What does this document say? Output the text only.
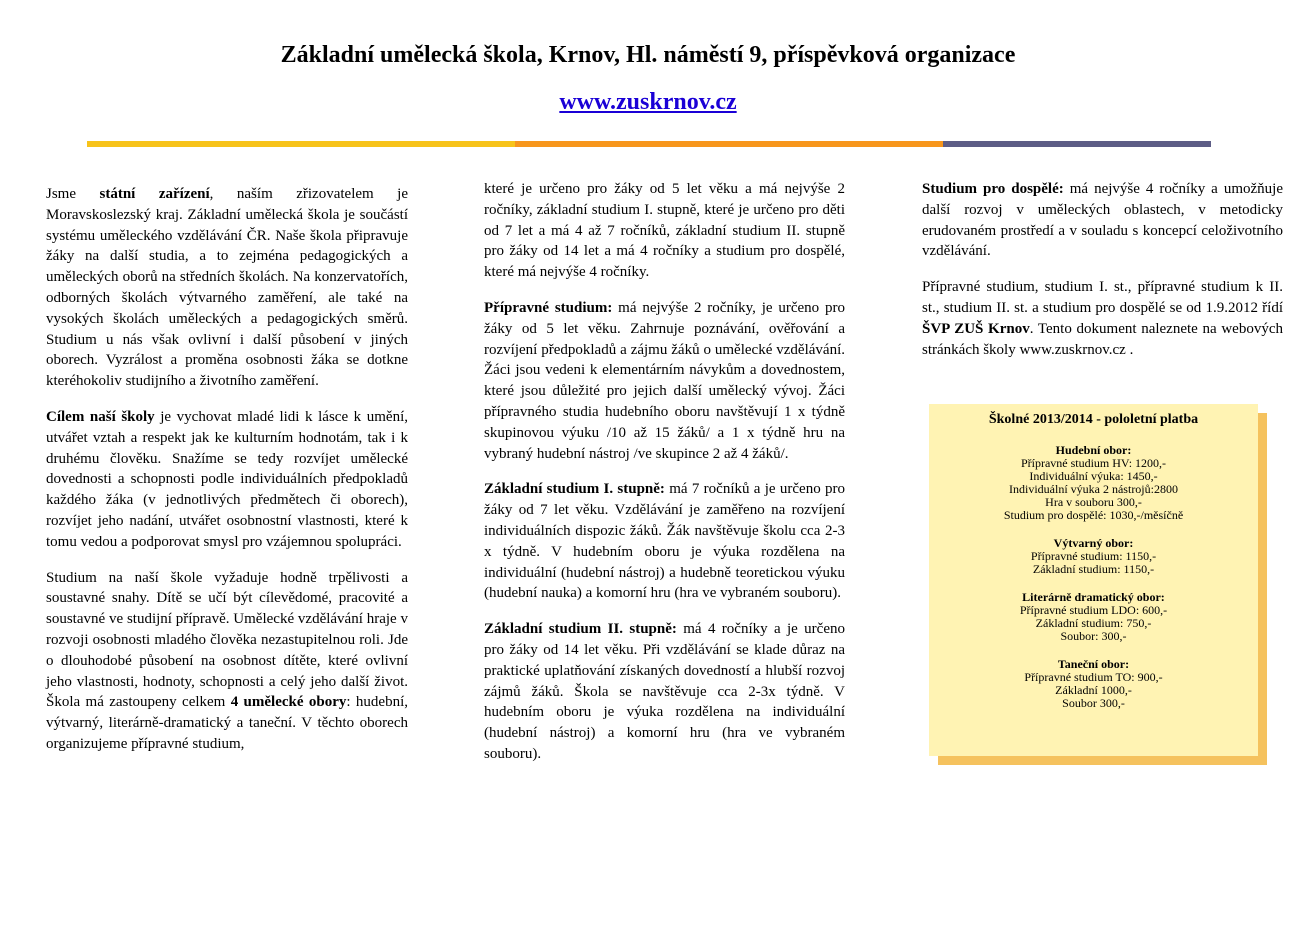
Základní umělecká škola, Krnov, Hl. náměstí 9, příspěvková organizace
www.zuskrnov.cz

Jsme státní zařízení, naším zřizovatelem je Moravskoslezský kraj. Základní umělecká škola je součástí systému uměleckého vzdělávání ČR. Naše škola připravuje žáky na další studia, a to zejména pedagogických a uměleckých oborů na středních školách. Na konzervatořích, odborných školách výtvarného zaměření, ale také na vysokých školách uměleckých a pedagogických směrů. Studium u nás však ovlivní i další působení v jiných oborech. Vyzrálost a proměna osobnosti žáka se dotkne kteréhokoliv studijního a životního zaměření.

Cílem naší školy je vychovat mladé lidi k lásce k umění, utvářet vztah a respekt jak ke kulturním hodnotám, tak i k druhému člověku. Snažíme se tedy rozvíjet umělecké dovednosti a schopnosti podle individuálních předpokladů každého žáka (v jednotlivých předmětech či oborech), rozvíjet jeho nadání, utvářet osobnostní vlastnosti, které k tomu vedou a podporovat smysl pro vzájemnou spolupráci.

Studium na naší škole vyžaduje hodně trpělivosti a soustavné snahy. Dítě se učí být cílevědomé, pracovité a soustavné ve studijní přípravě. Umělecké vzdělávání hraje v rozvoji osobnosti mladého člověka nezastupitelnou roli. Jde o dlouhodobé působení na osobnost dítěte, které ovlivní jeho vlastnosti, hodnoty, schopnosti a celý jeho další život. Škola má zastoupeny celkem 4 umělecké obory: hudební, výtvarný, literárně-dramatický a taneční. V těchto oborech organizujeme přípravné studium,

které je určeno pro žáky od 5 let věku a má nejvýše 2 ročníky, základní studium I. stupně, které je určeno pro děti od 7 let a má 4 až 7 ročníků, základní studium II. stupně pro žáky od 14 let a má 4 ročníky a studium pro dospělé, které má nejvýše 4 ročníky.

Přípravné studium: má nejvýše 2 ročníky, je určeno pro žáky od 5 let věku. Zahrnuje poznávání, ověřování a rozvíjení předpokladů a zájmu žáků o umělecké vzdělávání. Žáci jsou vedeni k elementárním návykům a dovednostem, které jsou důležité pro jejich další umělecký vývoj. Žáci přípravného studia hudebního oboru navštěvují 1 x týdně skupinovou výuku /10 až 15 žáků/ a 1 x týdně hru na vybraný hudební nástroj /ve skupince 2 až 4 žáků/.

Základní studium I. stupně: má 7 ročníků a je určeno pro žáky od 7 let věku. Vzdělávání je zaměřeno na rozvíjení individuálních dispozic žáků. Žák navštěvuje školu cca 2-3 x týdně. V hudebním oboru je výuka rozdělena na individuální (hudební nástroj) a hudebně teoretickou výuku (hudební nauka) a komorní hru (hra ve vybraném souboru).

Základní studium II. stupně: má 4 ročníky a je určeno pro žáky od 14 let věku. Při vzdělávání se klade důraz na praktické uplatňování získaných dovedností a hlubší rozvoj zájmů žáků. Škola se navštěvuje cca 2-3x týdně. V hudebním oboru je výuka rozdělena na individuální (hudební nástroj) a komorní hru (hra ve vybraném souboru).

Studium pro dospělé: má nejvýše 4 ročníky a umožňuje další rozvoj v uměleckých oblastech, v metodicky erudovaném prostředí a v souladu s koncepcí celoživotního vzdělávání.

Přípravné studium, studium I. st., přípravné studium k II. st., studium II. st. a studium pro dospělé se od 1.9.2012 řídí ŠVP ZUŠ Krnov. Tento dokument naleznete na webových stránkách školy www.zuskrnov.cz .

Školné 2013/2014 - pololetní platba
Hudební obor:
Přípravné studium HV: 1200,-
Individuální výuka: 1450,-
Individuální výuka 2 nástrojů:2800
Hra v souboru 300,-
Studium pro dospělé: 1030,-/měsíčně
Výtvarný obor:
Přípravné studium: 1150,-
Základní studium: 1150,-
Literárně dramatický obor:
Přípravné studium LDO: 600,-
Základní studium: 750,-
Soubor: 300,-
Taneční obor:
Přípravné studium TO: 900,-
Základní 1000,-
Soubor 300,-
